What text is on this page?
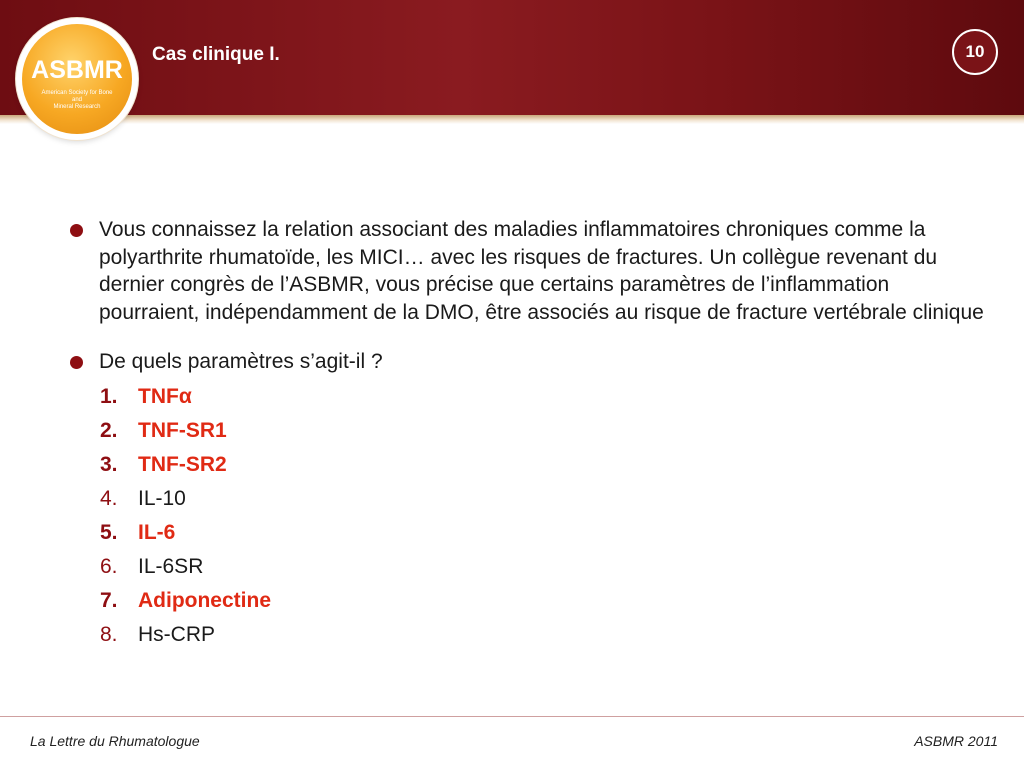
ASBMR
American Society for Bone
and
Mineral Research
Cas clinique I.	10
Vous connaissez la relation associant des maladies inflammatoires chroniques comme la polyarthrite rhumatoïde, les MICI… avec les risques de fractures. Un collègue revenant du dernier congrès de l’ASBMR, vous précise que certains paramètres de l’inflammation pourraient, indépendamment de la DMO, être associés au risque de fracture vertébrale clinique
De quels paramètres s’agit-il ?
1. TNFα
2. TNF-SR1
3. TNF-SR2
4. IL-10
5. IL-6
6. IL-6SR
7. Adiponectine
8. Hs-CRP
La Lettre du Rhumatologue	ASBMR 2011
